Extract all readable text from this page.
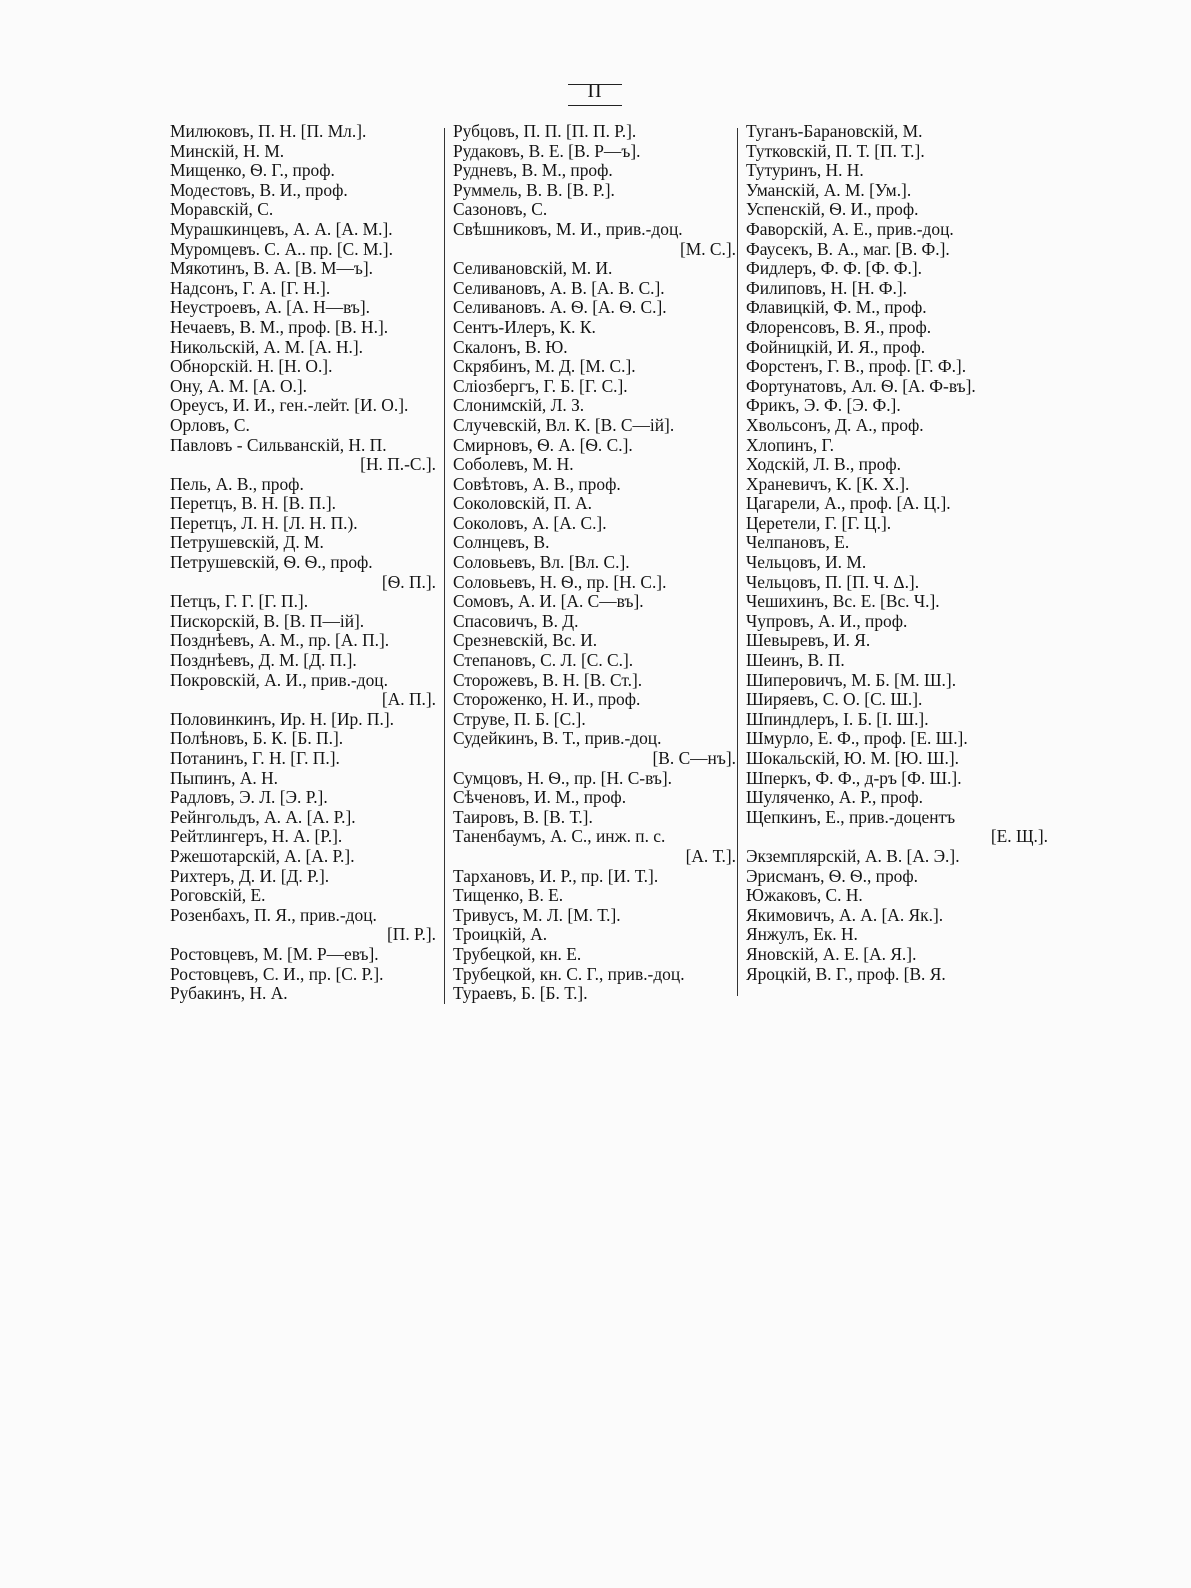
II
Милюковъ, П. Н. [П. Мл.].
Минскій, Н. М.
Мищенко, Ѳ. Г., проф.
Модестовъ, В. И., проф.
Моравскій, С.
Мурашкинцевъ, А. А. [А. М.].
Муромцевъ. С. А.. пр. [С. М.].
Мякотинъ, В. А. [В. М—ъ].
Надсонъ, Г. А. [Г. Н.].
Неустроевъ, А. [А. Н—въ].
Нечаевъ, В. М., проф. [В. Н.].
Никольскій, А. М. [А. Н.].
Обнорскій. Н. [Н. О.].
Ону, А. М. [А. О.].
Ореусъ, И. И., ген.-лейт. [И. О.].
Орловъ, С.
Павловъ - Сильванскій, Н. П.
[Н. П.-С.].
Пель, А. В., проф.
Перетцъ, В. Н. [В. П.].
Перетцъ, Л. Н. [Л. Н. П.).
Петрушевскій, Д. М.
Петрушевскій, Ѳ. Ѳ., проф.
[Ѳ. П.].
Петцъ, Г. Г. [Г. П.].
Пискорскій, В. [В. П—ій].
Позднѣевъ, А. М., пр. [А. П.].
Позднѣевъ, Д. М. [Д. П.].
Покровскій, А. И., прив.-доц.
[А. П.].
Половинкинъ, Ир. Н. [Ир. П.].
Полѣновъ, Б. К. [Б. П.].
Потанинъ, Г. Н. [Г. П.].
Пыпинъ, А. Н.
Радловъ, Э. Л. [Э. Р.].
Рейнгольдъ, А. А. [А. Р.].
Рейтлингеръ, Н. А. [Р.].
Ржешотарскій, А. [А. Р.].
Рихтеръ, Д. И. [Д. Р.].
Роговскій, Е.
Розенбахъ, П. Я., прив.-доц.
[П. Р.].
Ростовцевъ, М. [М. Р—евъ].
Ростовцевъ, С. И., пр. [С. Р.].
Рубакинъ, Н. А.
Рубцовъ, П. П. [П. П. Р.].
Рудаковъ, В. Е. [В. Р—ъ].
Рудневъ, В. М., проф.
Руммель, В. В. [В. Р.].
Сазоновъ, С.
Свѣшниковъ, М. И., прив.-доц.
[М. С.].
Селивановскій, М. И.
Селивановъ, А. В. [А. В. С.].
Селивановъ. А. Ѳ. [А. Ѳ. С.].
Сентъ-Илеръ, К. К.
Скалонъ, В. Ю.
Скрябинъ, М. Д. [М. С.].
Слiозбергъ, Г. Б. [Г. С.].
Слонимскій, Л. З.
Случевскій, Вл. К. [В. С—ій].
Смирновъ, Ѳ. А. [Ѳ. С.].
Соболевъ, М. Н.
Совѣтовъ, А. В., проф.
Соколовскій, П. А.
Соколовъ, А. [А. С.].
Солнцевъ, В.
Соловьевъ, Вл. [Вл. С.].
Соловьевъ, Н. Ѳ., пр. [Н. С.].
Сомовъ, А. И. [А. С—въ].
Спасовичъ, В. Д.
Срезневскій, Вс. И.
Степановъ, С. Л. [С. С.].
Сторожевъ, В. Н. [В. Ст.].
Стороженко, Н. И., проф.
Струве, П. Б. [С.].
Судейкинъ, В. Т., прив.-доц.
[В. С—нъ].
Сумцовъ, Н. Ѳ., пр. [Н. С-въ].
Сѣченовъ, И. М., проф.
Таировъ, В. [В. Т.].
Таненбаумъ, А. С., инж. п. с.
[А. Т.].
Тархановъ, И. Р., пр. [И. Т.].
Тищенко, В. Е.
Тривусъ, М. Л. [М. Т.].
Троицкій, А.
Трубецкой, кн. Е.
Трубецкой, кн. С. Г., прив.-доц.
Тураевъ, Б. [Б. Т.].
Туганъ-Барановскій, М.
Тутковскій, П. Т. [П. Т.].
Тутуринъ, Н. Н.
Уманскій, А. М. [Ум.].
Успенскій, Ѳ. И., проф.
Фаворскій, А. Е., прив.-доц.
Фаусекъ, В. А., маг. [В. Ф.].
Фидлеръ, Ф. Ф. [Ф. Ф.].
Филиповъ, Н. [Н. Ф.].
Флавицкій, Ф. М., проф.
Флоренсовъ, В. Я., проф.
Фойницкій, И. Я., проф.
Форстенъ, Г. В., проф. [Г. Ф.].
Фортунатовъ, Ал. Ѳ. [А. Ф-въ].
Фрикъ, Э. Ф. [Э. Ф.].
Хвольсонъ, Д. А., проф.
Хлопинъ, Г.
Ходскій, Л. В., проф.
Храневичъ, К. [К. Х.].
Цагарели, А., проф. [А. Ц.].
Церетели, Г. [Г. Ц.].
Челпановъ, Е.
Чельцовъ, И. М.
Чельцовъ, П. [П. Ч. Δ.].
Чешихинъ, Вс. Е. [Вс. Ч.].
Чупровъ, А. И., проф.
Шевыревъ, И. Я.
Шеинъ, В. П.
Шиперовичъ, М. Б. [М. Ш.].
Ширяевъ, С. О. [С. Ш.].
Шпиндлеръ, І. Б. [І. Ш.].
Шмурло, Е. Ф., проф. [Е. Ш.].
Шокальскій, Ю. М. [Ю. Ш.].
Шперкъ, Ф. Ф., д-ръ [Ф. Ш.].
Шуляченко, А. Р., проф.
Щепкинъ, Е., прив.-доцентъ
[Е. Щ.].
Экземплярскій, А. В. [А. Э.].
Эрисманъ, Ѳ. Ѳ., проф.
Южаковъ, С. Н.
Якимовичъ, А. А. [А. Як.].
Янжулъ, Ек. Н.
Яновскій, А. Е. [А. Я.].
Яроцкій, В. Г., проф. [В. Я.
